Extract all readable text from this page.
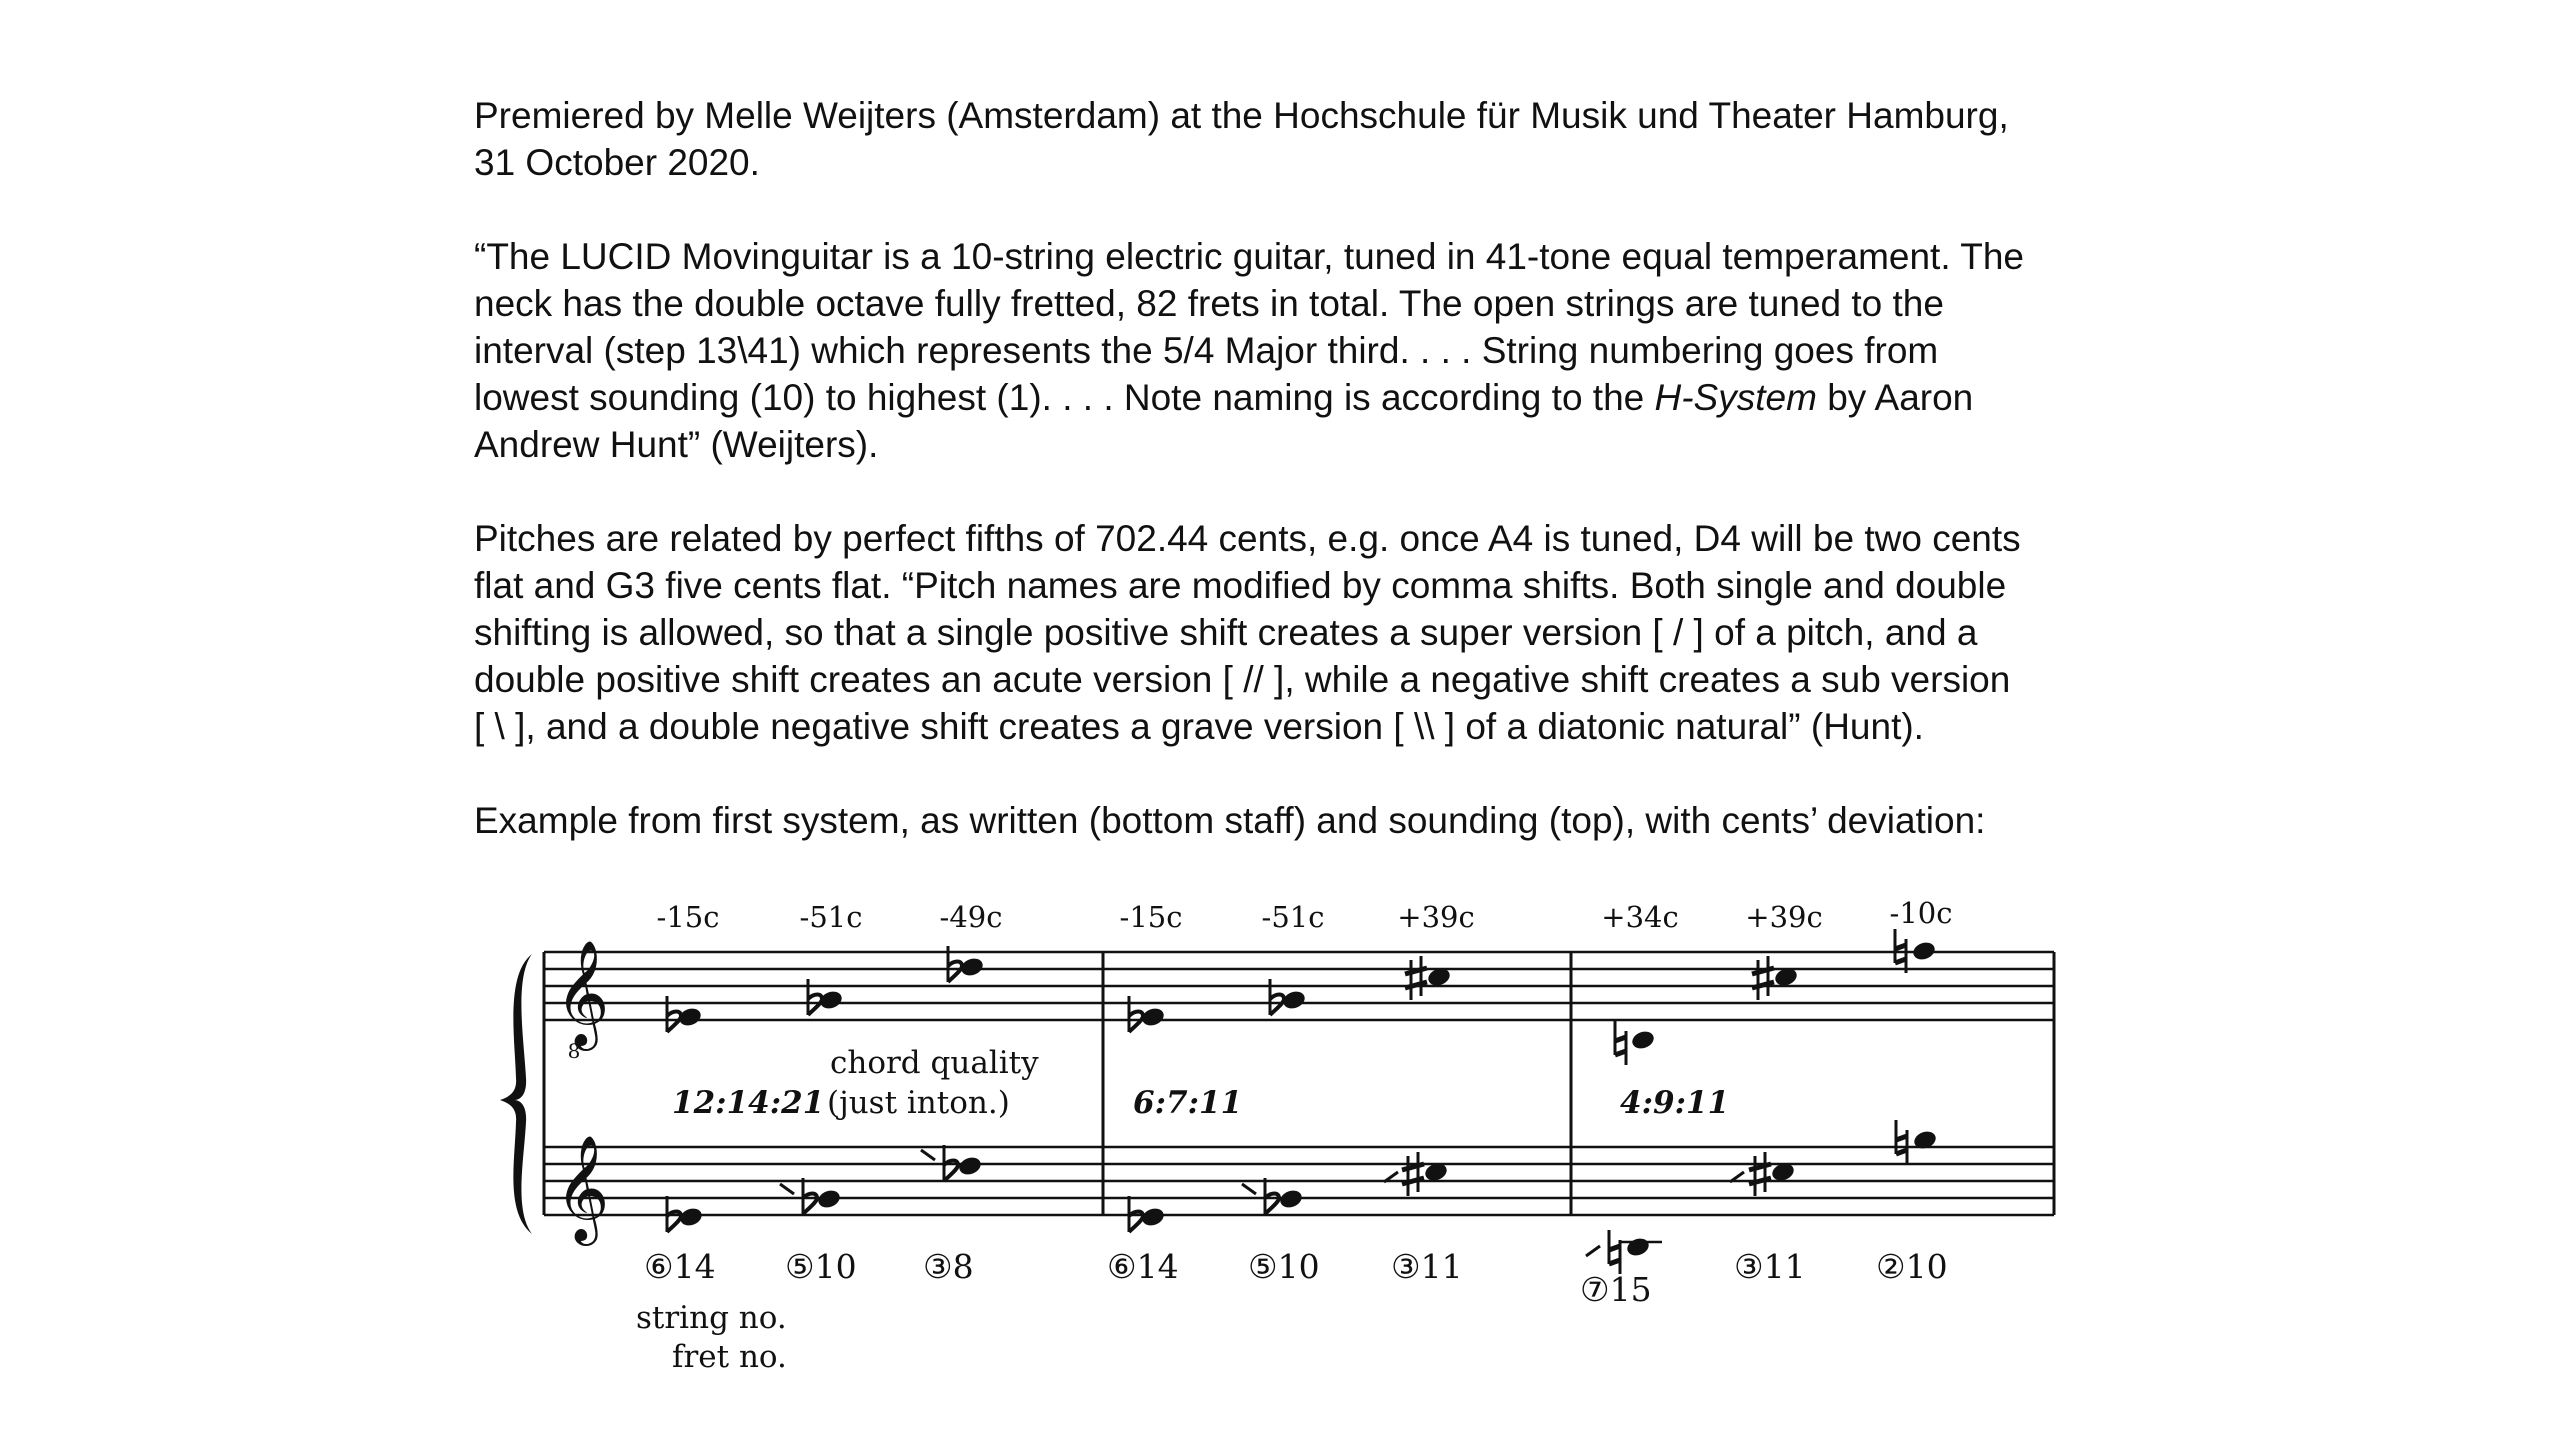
Premiered by Melle Weijters (Amsterdam) at the Hochschule für Musik und Theater Hamburg,
31 October 2020.

“The LUCID Movinguitar is a 10-string electric guitar, tuned in 41-tone equal temperament. The
neck has the double octave fully fretted, 82 frets in total. The open strings are tuned to the
interval (step 13\41) which represents the 5/4 Major third. . . . String numbering goes from
lowest sounding (10) to highest (1). . . . Note naming is according to the H-System by Aaron
Andrew Hunt” (Weijters).

Pitches are related by perfect fifths of 702.44 cents, e.g. once A4 is tuned, D4 will be two cents
flat and G3 five cents flat. “Pitch names are modified by comma shifts. Both single and double
shifting is allowed, so that a single positive shift creates a super version [ / ] of a pitch, and a
double positive shift creates an acute version [ // ], while a negative shift creates a sub version
[ \ ], and a double negative shift creates a grave version [ \\ ] of a diatonic natural” (Hunt).

Example from first system, as written (bottom staff) and sounding (top), with cents’ deviation:

-15c	-51c	-49c	-15c	-51c	+39c	+34c +39c -10c
𝄞
8
𝄞
chord quality
(just inton.)
12:14:21	6:7:11	4:9:11
⑥14 ⑤10 ③8	⑥14 ⑤10 ③11
⑦15
③11 ②10
string no.
fret no.
